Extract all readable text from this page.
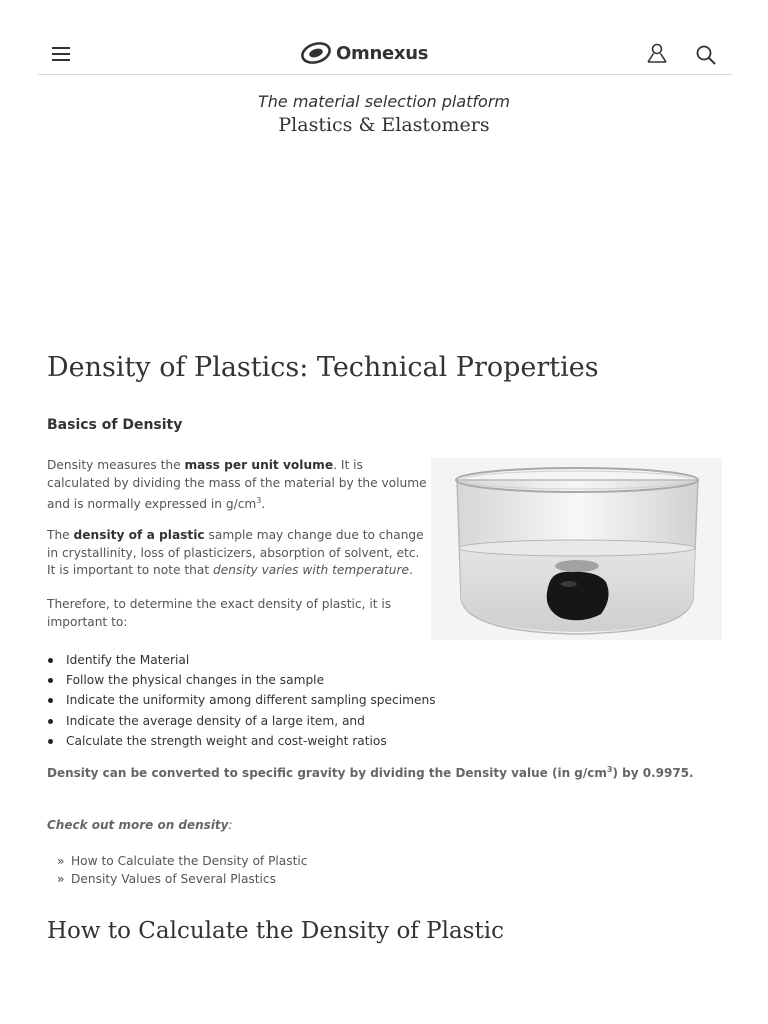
Omnexus
The material selection platform
Plastics & Elastomers
Density of Plastics: Technical Properties
Basics of Density

Density measures the mass per unit volume. It is calculated by dividing the mass of the material by the volume and is normally expressed in $g/cm^3$.

The density of a plastic sample may change due to change in crystallinity, loss of plasticizers, absorption of solvent, etc. It is important to note that density varies with temperature.

Therefore, to determine the exact density of plastic, it is important to:

Identify the Material
Follow the physical changes in the sample
Indicate the uniformity among different sampling specimens
Indicate the average density of a large item, and
Calculate the strength weight and cost-weight ratios

Density can be converted to specific gravity by dividing the Density value (in $g/cm^3$) by 0.9975.

Check out more on density:

» How to Calculate the Density of Plastic
» Density Values of Several Plastics
How to Calculate the Density of Plastic
